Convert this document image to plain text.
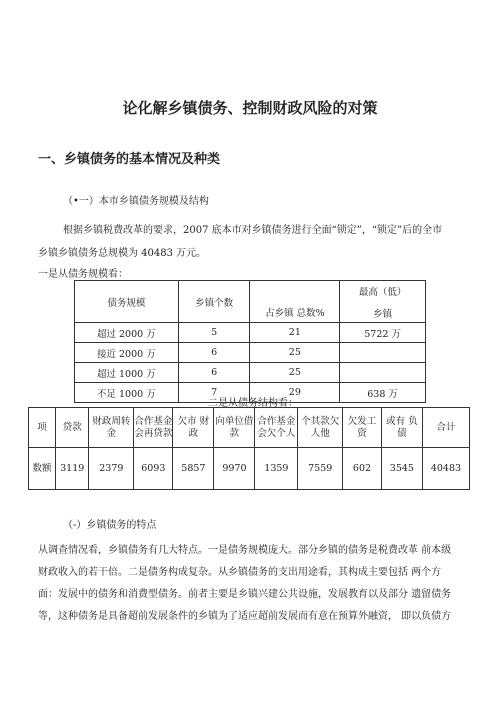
论化解乡镇债务、控制财政风险的对策
一、乡镇债务的基本情况及种类
（•一）本市乡镇债务规模及结构
根据乡镇税费改革的要求，2007 底本市对乡镇债务进行全面“锁定”，“锁定”后的全市
乡镇乡镇债务总规模为 40483 万元。
一是从债务规模看：
债务规模	乡镇个数	占乡镇 总数%	最高（低）
乡镇

超过 2000 万	5	21	5722 万
接近 2000 万	6	25	
超过 1000 万	6	25	
不足 1000 万	7	29	638 万
二是从债务结构看：
项	贷款	财政周转金	合作基金会再贷款	欠市 财政	向单位借款	合作基金会欠个人	个其款欠人他	欠发工资	或有 负债	合计
数额	3119	2379	6093	5857	9970	1359	7559	602	3545	40483
（-）乡镇债务的特点
从调查情况看，乡镇债务有几大特点。一是债务规模庞大。部分乡镇的债务是税费改革 前本级
财政收入的若干倍。二是债务构成复杂。从乡镇债务的支出用途看，其构成主要包括 两个方
面：发展中的债务和消费型债务。前者主要是乡镇兴建公共设施，发展教育以及部分 遗留债务
等，这种债务是具备超前发展条件的乡镇为了适应超前发展而有意在预算外融资， 即以负债方
